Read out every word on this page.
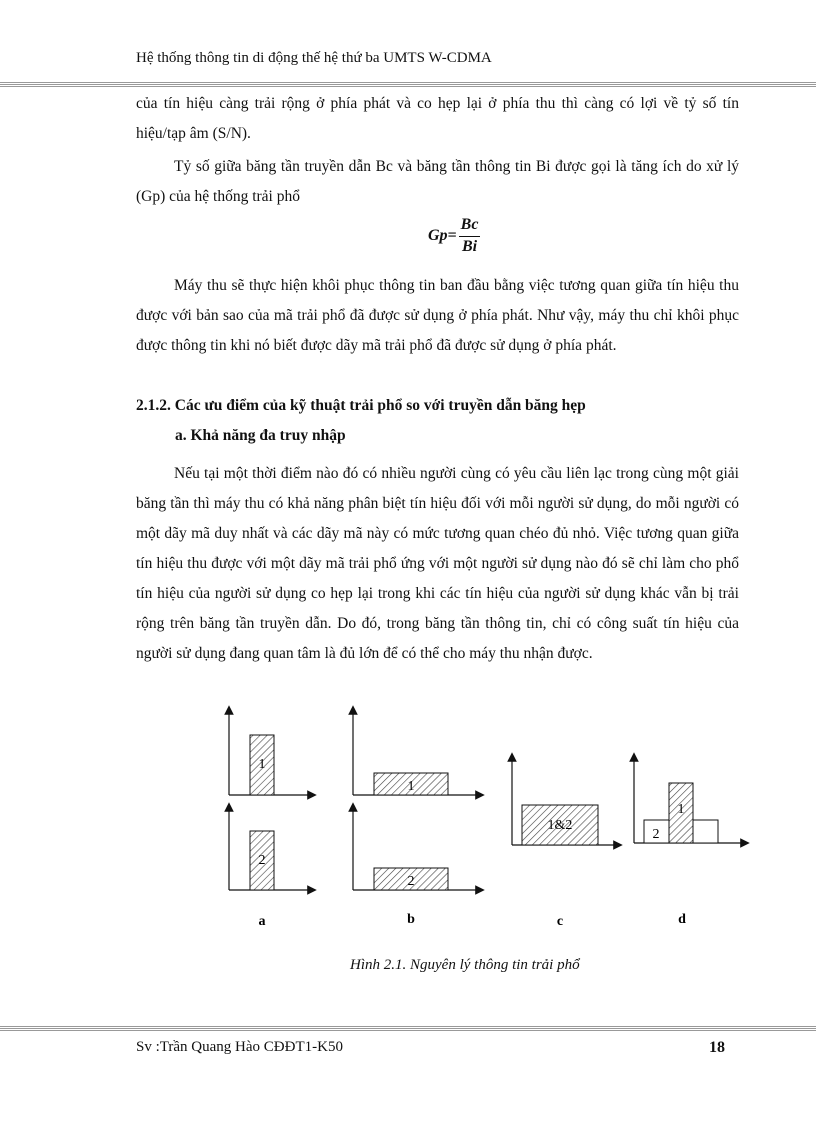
Hệ thống thông tin di động thế hệ thứ ba UMTS W-CDMA

của tín hiệu càng trải rộng ở phía phát và co hẹp lại ở phía thu thì càng có lợi về tỷ số tín hiệu/tạp âm (S/N).

Tỷ số giữa băng tần truyền dẫn Bc và băng tần thông tin Bi được gọi là tăng ích do xử lý (Gp) của hệ thống trải phổ

$Gp= \frac{Bc}{Bi}$

Máy thu sẽ thực hiện khôi phục thông tin ban đầu bằng việc tương quan giữa tín hiệu thu được với bản sao của mã trải phổ đã được sử dụng ở phía phát. Như vậy, máy thu chỉ khôi phục được thông tin khi nó biết được dãy mã trải phổ đã được sử dụng ở phía phát.

2.1.2. Các ưu điểm của kỹ thuật trải phổ so với truyền dẫn băng hẹp
a. Khả năng đa truy nhập

Nếu tại một thời điểm nào đó có nhiều người cùng có yêu cầu liên lạc trong cùng một giải băng tần thì máy thu có khả năng phân biệt tín hiệu đối với mỗi người sử dụng, do mỗi người có một dãy mã duy nhất và các dãy mã này có mức tương quan chéo đủ nhỏ. Việc tương quan giữa tín hiệu thu được với một dãy mã trải phổ ứng với một người sử dụng nào đó sẽ chỉ làm cho phổ tín hiệu của người sử dụng co hẹp lại trong khi các tín hiệu của người sử dụng khác vẫn bị trải rộng trên băng tần truyền dẫn. Do đó, trong băng tần thông tin, chỉ có công suất tín hiệu của người sử dụng đang quan tâm là đủ lớn để có thể cho máy thu nhận được.

1
2
1
2
1&2
1
2
a	b	c	d
Hình 2.1. Nguyên lý thông tin trải phổ
Sv :Trần Quang Hào CĐĐT1-K50	18
